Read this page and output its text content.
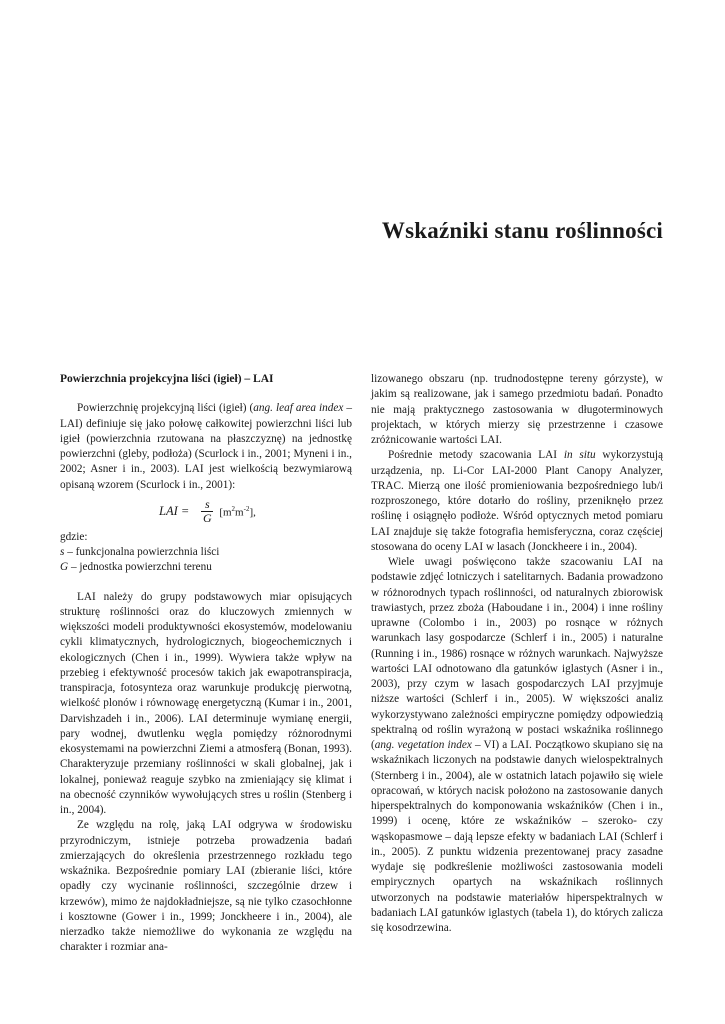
Wskaźniki stanu roślinności
Powierzchnia projekcyjna liści (igieł) – LAI

Powierzchnię projekcyjną liści (igieł) (ang. leaf area index – LAI) definiuje się jako połowę całkowitej powierzchni liści lub igieł (powierzchnia rzutowana na płaszczyznę) na jednostkę powierzchni (gleby, podłoża) (Scurlock i in., 2001; Myneni i in., 2002; Asner i in., 2003). LAI jest wielkością bezwymiarową opisaną wzorem (Scurlock i in., 2001):

LAI = $\frac{s}{G} [m^2m^{-2}]$,
gdzie:
s – funkcjonalna powierzchnia liści
G – jednostka powierzchni terenu

LAI należy do grupy podstawowych miar opisujących strukturę roślinności oraz do kluczowych zmiennych w większości modeli produktywności ekosystemów, modelowaniu cykli klimatycznych, hydrologicznych, biogeochemicznych i ekologicznych (Chen i in., 1999). Wywiera także wpływ na przebieg i efektywność procesów takich jak ewapotranspiracja, transpiracja, fotosynteza oraz warunkuje produkcję pierwotną, wielkość plonów i równowagę energetyczną (Kumar i in., 2001, Darvishzadeh i in., 2006). LAI determinuje wymianę energii, pary wodnej, dwutlenku węgla pomiędzy różnorodnymi ekosystemami na powierzchni Ziemi a atmosferą (Bonan, 1993). Charakteryzuje przemiany roślinności w skali globalnej, jak i lokalnej, ponieważ reaguje szybko na zmieniający się klimat i na obecność czynników wywołujących stres u roślin (Stenberg i in., 2004).

Ze względu na rolę, jaką LAI odgrywa w środowisku przyrodniczym, istnieje potrzeba prowadzenia badań zmierzających do określenia przestrzennego rozkładu tego wskaźnika. Bezpośrednie pomiary LAI (zbieranie liści, które opadły czy wycinanie roślinności, szczególnie drzew i krzewów), mimo że najdokładniejsze, są nie tylko czasochłonne i kosztowne (Gower i in., 1999; Jonckheere i in., 2004), ale nierzadko także niemożliwe do wykonania ze względu na charakter i rozmiar ana-

lizowanego obszaru (np. trudnodostępne tereny górzyste), w jakim są realizowane, jak i samego przedmiotu badań. Ponadto nie mają praktycznego zastosowania w długoterminowych projektach, w których mierzy się przestrzenne i czasowe zróżnicowanie wartości LAI.

Pośrednie metody szacowania LAI in situ wykorzystują urządzenia, np. Li-Cor LAI-2000 Plant Canopy Analyzer, TRAC. Mierzą one ilość promieniowania bezpośredniego lub/i rozproszonego, które dotarło do rośliny, przeniknęło przez roślinę i osiągnęło podłoże. Wśród optycznych metod pomiaru LAI znajduje się także fotografia hemisferyczna, coraz częściej stosowana do oceny LAI w lasach (Jonckheere i in., 2004).

Wiele uwagi poświęcono także szacowaniu LAI na podstawie zdjęć lotniczych i satelitarnych. Badania prowadzono w różnorodnych typach roślinności, od naturalnych zbiorowisk trawiastych, przez zboża (Haboudane i in., 2004) i inne rośliny uprawne (Colombo i in., 2003) po rosnące w różnych warunkach lasy gospodarcze (Schlerf i in., 2005) i naturalne (Running i in., 1986) rosnące w różnych warunkach. Najwyższe wartości LAI odnotowano dla gatunków iglastych (Asner i in., 2003), przy czym w lasach gospodarczych LAI przyjmuje niższe wartości (Schlerf i in., 2005). W większości analiz wykorzystywano zależności empiryczne pomiędzy odpowiedzią spektralną od roślin wyrażoną w postaci wskaźnika roślinnego (ang. vegetation index – VI) a LAI. Początkowo skupiano się na wskaźnikach liczonych na podstawie danych wielospektralnych (Sternberg i in., 2004), ale w ostatnich latach pojawiło się wiele opracowań, w których nacisk położono na zastosowanie danych hiperspektralnych do komponowania wskaźników (Chen i in., 1999) i ocenę, które ze wskaźników – szeroko- czy wąskopasmowe – dają lepsze efekty w badaniach LAI (Schlerf i in., 2005). Z punktu widzenia prezentowanej pracy zasadne wydaje się podkreślenie możliwości zastosowania modeli empirycznych opartych na wskaźnikach roślinnych utworzonych na podstawie materiałów hiperspektralnych w badaniach LAI gatunków iglastych (tabela 1), do których zalicza się kosodrzewina.
